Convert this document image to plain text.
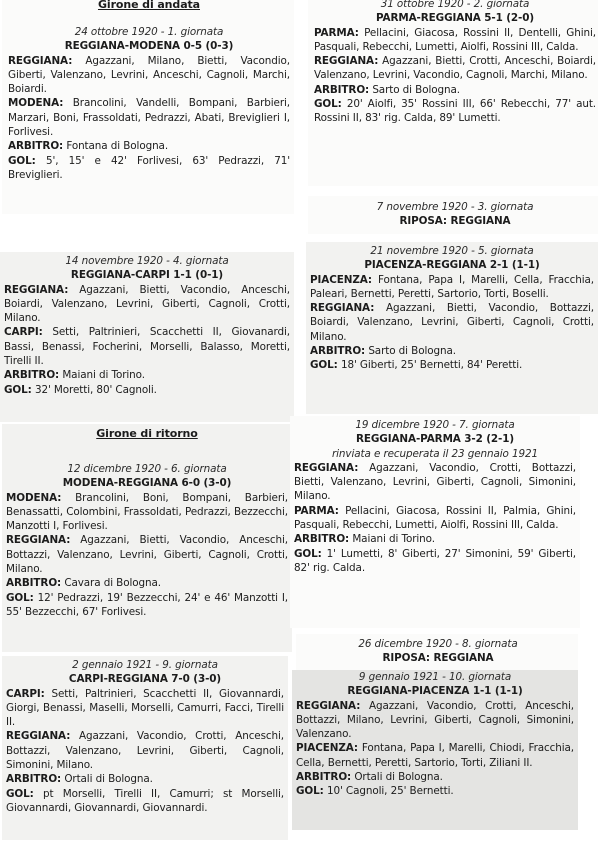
Girone di andata
24 ottobre 1920 - 1. giornata
REGGIANA-MODENA 0-5 (0-3)
REGGIANA: Agazzani, Milano, Bietti, Vacondio, Giberti, Valenzano, Levrini, Anceschi, Cagnoli, Marchi, Boiardi.
MODENA: Brancolini, Vandelli, Bompani, Barbieri, Marzari, Boni, Frassoldati, Pedrazzi, Abati, Breviglieri I, Forlivesi.
ARBITRO: Fontana di Bologna.
GOL: 5', 15' e 42' Forlivesi, 63' Pedrazzi, 71' Breviglieri.
14 novembre 1920 - 4. giornata
REGGIANA-CARPI 1-1 (0-1)
REGGIANA: Agazzani, Bietti, Vacondio, Anceschi, Boiardi, Valenzano, Levrini, Giberti, Cagnoli, Crotti, Milano.
CARPI: Setti, Paltrinieri, Scacchetti II, Giovanardi, Bassi, Benassi, Focherini, Morselli, Balasso, Moretti, Tirelli II.
ARBITRO: Maiani di Torino.
GOL: 32' Moretti, 80' Cagnoli.
Girone di ritorno
12 dicembre 1920 - 6. giornata
MODENA-REGGIANA 6-0 (3-0)
MODENA: Brancolini, Boni, Bompani, Barbieri, Benassatti, Colombini, Frassoldati, Pedrazzi, Bezzecchi, Manzotti I, Forlivesi.
REGGIANA: Agazzani, Bietti, Vacondio, Anceschi, Bottazzi, Valenzano, Levrini, Giberti, Cagnoli, Crotti, Milano.
ARBITRO: Cavara di Bologna.
GOL: 12' Pedrazzi, 19' Bezzecchi, 24' e 46' Manzotti I, 55' Bezzecchi, 67' Forlivesi.
2 gennaio 1921 - 9. giornata
CARPI-REGGIANA 7-0 (3-0)
CARPI: Setti, Paltrinieri, Scacchetti II, Giovannardi, Giorgi, Benassi, Maselli, Morselli, Camurri, Facci, Tirelli II.
REGGIANA: Agazzani, Vacondio, Crotti, Anceschi, Bottazzi, Valenzano, Levrini, Giberti, Cagnoli, Simonini, Milano.
ARBITRO: Ortali di Bologna.
GOL: pt Morselli, Tirelli II, Camurri; st Morselli, Giovannardi, Giovannardi, Giovannardi.
31 ottobre 1920 - 2. giornata
PARMA-REGGIANA 5-1 (2-0)
PARMA: Pellacini, Giacosa, Rossini II, Dentelli, Ghini, Pasquali, Rebecchi, Lumetti, Aiolfi, Rossini III, Calda.
REGGIANA: Agazzani, Bietti, Crotti, Anceschi, Boiardi, Valenzano, Levrini, Vacondio, Cagnoli, Marchi, Milano.
ARBITRO: Sarto di Bologna.
GOL: 20' Aiolfi, 35' Rossini III, 66' Rebecchi, 77' aut. Rossini II, 83' rig. Calda, 89' Lumetti.
7 novembre 1920 - 3. giornata
RIPOSA: REGGIANA
21 novembre 1920 - 5. giornata
PIACENZA-REGGIANA 2-1 (1-1)
PIACENZA: Fontana, Papa I, Marelli, Cella, Fracchia, Paleari, Bernetti, Peretti, Sartorio, Torti, Boselli.
REGGIANA: Agazzani, Bietti, Vacondio, Bottazzi, Boiardi, Valenzano, Levrini, Giberti, Cagnoli, Crotti, Milano.
ARBITRO: Sarto di Bologna.
GOL: 18' Giberti, 25' Bernetti, 84' Peretti.
19 dicembre 1920 - 7. giornata
REGGIANA-PARMA 3-2 (2-1)
rinviata e recuperata il 23 gennaio 1921
REGGIANA: Agazzani, Vacondio, Crotti, Bottazzi, Bietti, Valenzano, Levrini, Giberti, Cagnoli, Simonini, Milano.
PARMA: Pellacini, Giacosa, Rossini II, Palmia, Ghini, Pasquali, Rebecchi, Lumetti, Aiolfi, Rossini III, Calda.
ARBITRO: Maiani di Torino.
GOL: 1' Lumetti, 8' Giberti, 27' Simonini, 59' Giberti, 82' rig. Calda.
26 dicembre 1920 - 8. giornata
RIPOSA: REGGIANA
9 gennaio 1921 - 10. giornata
REGGIANA-PIACENZA 1-1 (1-1)
REGGIANA: Agazzani, Vacondio, Crotti, Anceschi, Bottazzi, Milano, Levrini, Giberti, Cagnoli, Simonini, Valenzano.
PIACENZA: Fontana, Papa I, Marelli, Chiodi, Fracchia, Cella, Bernetti, Peretti, Sartorio, Torti, Ziliani II.
ARBITRO: Ortali di Bologna.
GOL: 10' Cagnoli, 25' Bernetti.
